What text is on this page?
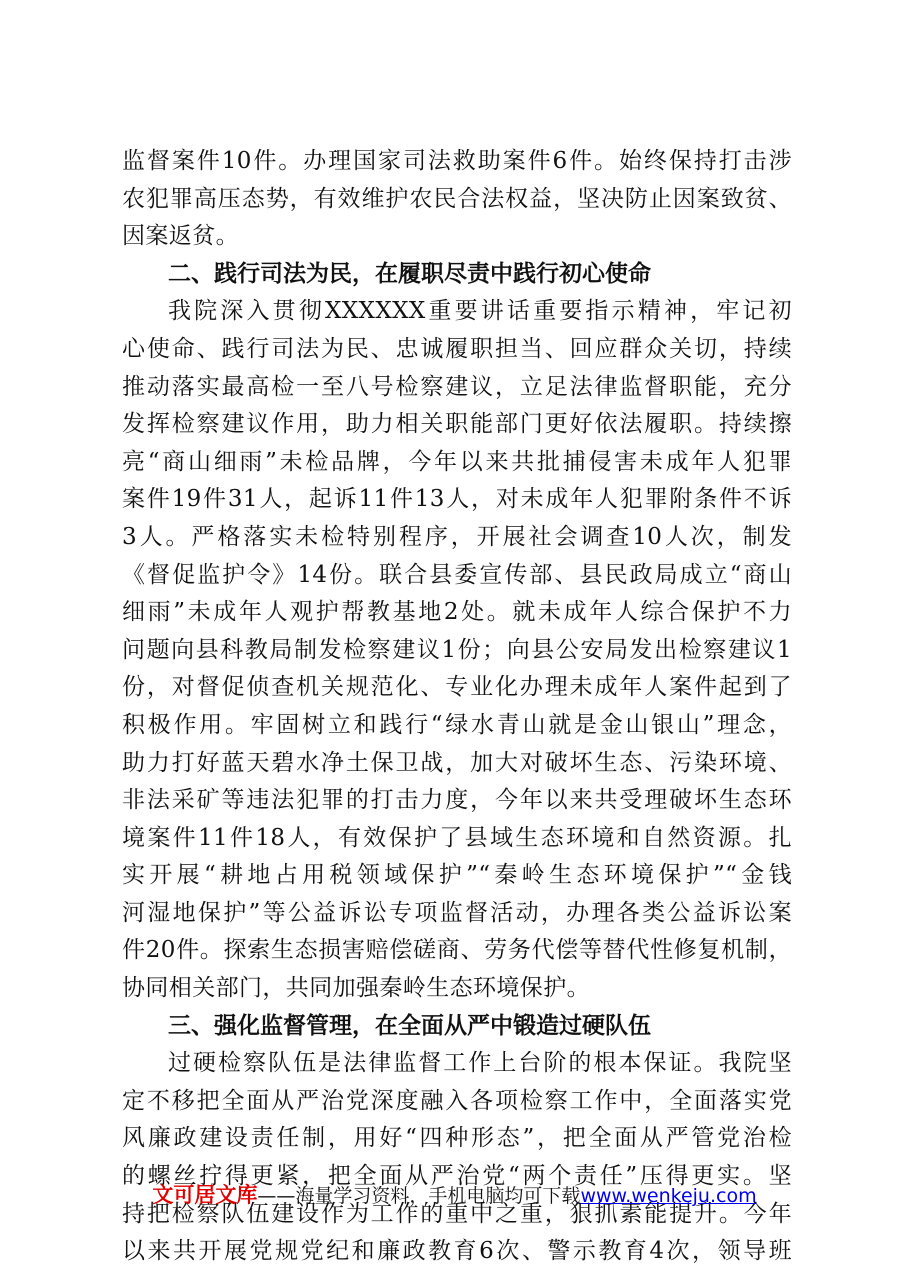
监督案件10件。办理国家司法救助案件6件。始终保持打击涉

农犯罪高压态势，有效维护农民合法权益，坚决防止因案致贫、

因案返贫。

二、践行司法为民，在履职尽责中践行初心使命

我院深入贯彻XXXXXX重要讲话重要指示精神，牢记初

心使命、践行司法为民、忠诚履职担当、回应群众关切，持续

推动落实最高检一至八号检察建议，立足法律监督职能，充分

发挥检察建议作用，助力相关职能部门更好依法履职。持续擦

亮“商山细雨”未检品牌，今年以来共批捕侵害未成年人犯罪

案件19件31人，起诉11件13人，对未成年人犯罪附条件不诉

3人。严格落实未检特别程序，开展社会调查10人次，制发

《督促监护令》14份。联合县委宣传部、县民政局成立“商山

细雨”未成年人观护帮教基地2处。就未成年人综合保护不力

问题向县科教局制发检察建议1份；向县公安局发出检察建议1

份，对督促侦查机关规范化、专业化办理未成年人案件起到了

积极作用。牢固树立和践行“绿水青山就是金山银山”理念，

助力打好蓝天碧水净土保卫战，加大对破坏生态、污染环境、

非法采矿等违法犯罪的打击力度，今年以来共受理破坏生态环

境案件11件18人，有效保护了县域生态环境和自然资源。扎

实开展“耕地占用税领域保护”“秦岭生态环境保护”“金钱

河湿地保护”等公益诉讼专项监督活动，办理各类公益诉讼案

件20件。探索生态损害赔偿磋商、劳务代偿等替代性修复机制，

协同相关部门，共同加强秦岭生态环境保护。

三、强化监督管理，在全面从严中锻造过硬队伍

过硬检察队伍是法律监督工作上台阶的根本保证。我院坚

定不移把全面从严治党深度融入各项检察工作中，全面落实党

风廉政建设责任制，用好“四种形态”，把全面从严管党治检

的螺丝拧得更紧，把全面从严治党“两个责任”压得更实。坚

持把检察队伍建设作为工作的重中之重，狠抓素能提升。今年

以来共开展党规党纪和廉政教育6次、警示教育4次，领导班

文可居文库——海量学习资料，手机电脑均可下载www.wenkeju.com
